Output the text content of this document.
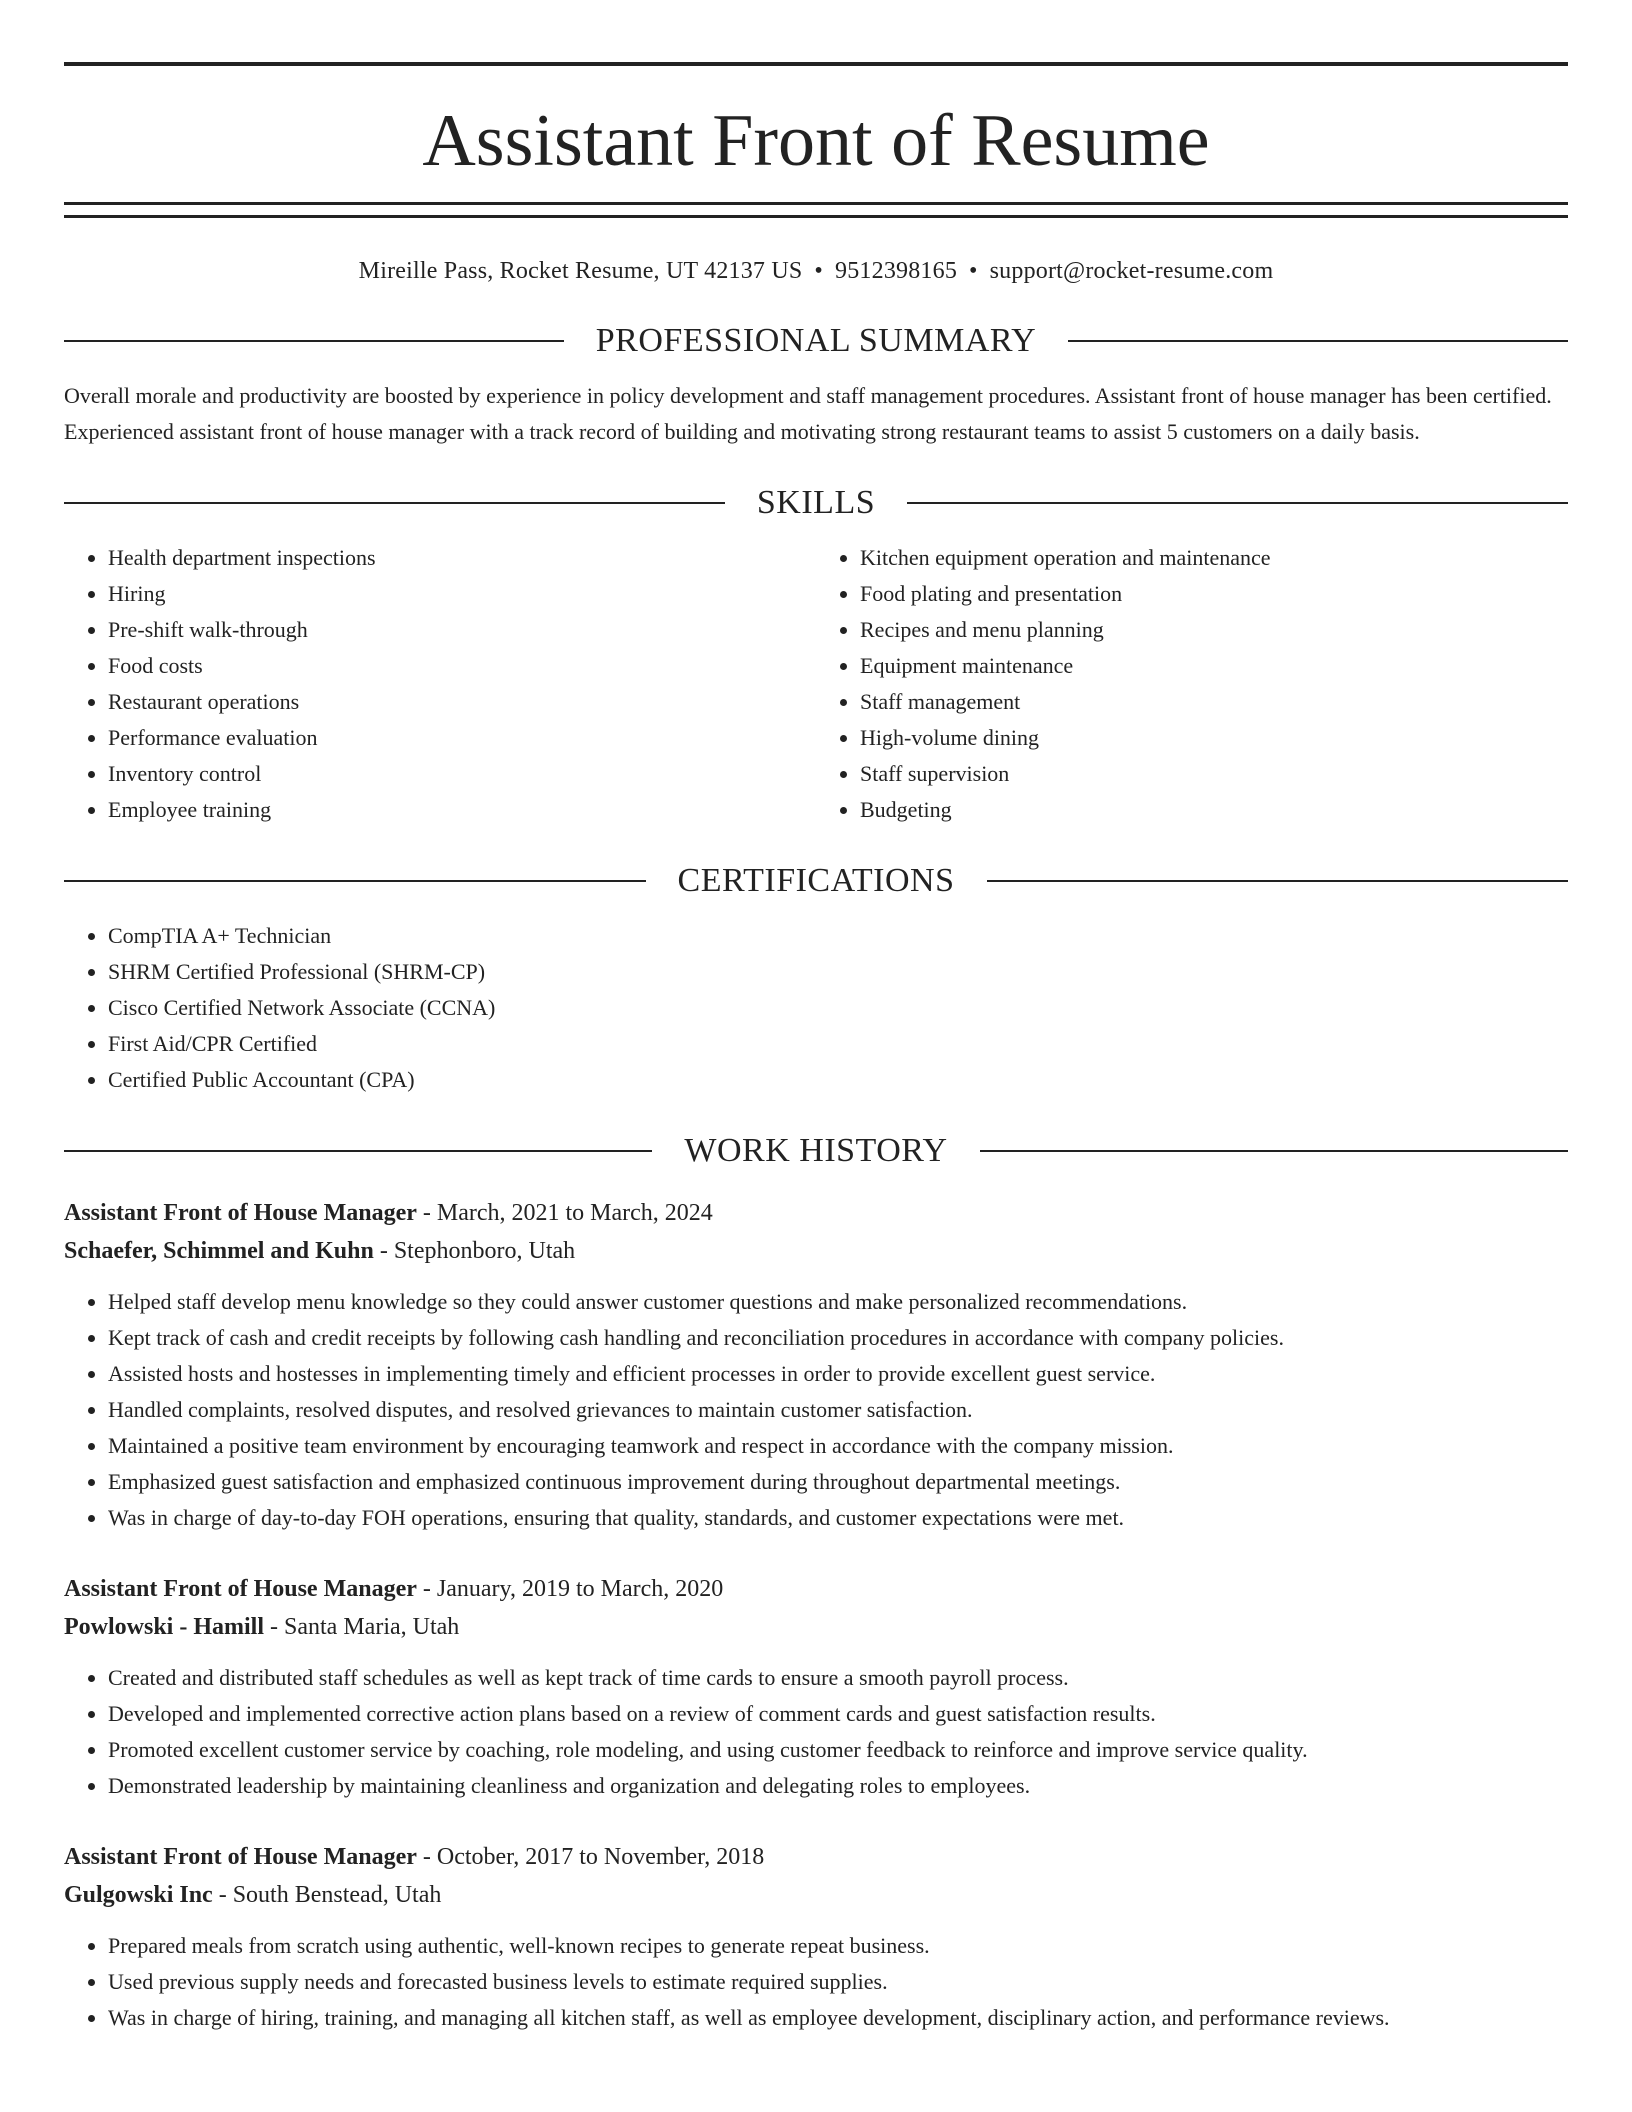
Assistant Front of Resume
Mireille Pass, Rocket Resume, UT 42137 US • 9512398165 • support@rocket-resume.com
PROFESSIONAL SUMMARY

Overall morale and productivity are boosted by experience in policy development and staff management procedures. Assistant front of house manager has been certified. Experienced assistant front of house manager with a track record of building and motivating strong restaurant teams to assist 5 customers on a daily basis.

SKILLS
• Health department inspections
• Hiring
• Pre-shift walk-through
• Food costs
• Restaurant operations
• Performance evaluation
• Inventory control
• Employee training
• Kitchen equipment operation and maintenance
• Food plating and presentation
• Recipes and menu planning
• Equipment maintenance
• Staff management
• High-volume dining
• Staff supervision
• Budgeting
CERTIFICATIONS
• CompTIA A+ Technician
• SHRM Certified Professional (SHRM-CP)
• Cisco Certified Network Associate (CCNA)
• First Aid/CPR Certified
• Certified Public Accountant (CPA)
WORK HISTORY
Assistant Front of House Manager - March, 2021 to March, 2024
Schaefer, Schimmel and Kuhn - Stephonboro, Utah
• Helped staff develop menu knowledge so they could answer customer questions and make personalized recommendations.
• Kept track of cash and credit receipts by following cash handling and reconciliation procedures in accordance with company policies.
• Assisted hosts and hostesses in implementing timely and efficient processes in order to provide excellent guest service.
• Handled complaints, resolved disputes, and resolved grievances to maintain customer satisfaction.
• Maintained a positive team environment by encouraging teamwork and respect in accordance with the company mission.
• Emphasized guest satisfaction and emphasized continuous improvement during throughout departmental meetings.
• Was in charge of day-to-day FOH operations, ensuring that quality, standards, and customer expectations were met.
Assistant Front of House Manager - January, 2019 to March, 2020
Powlowski - Hamill - Santa Maria, Utah
• Created and distributed staff schedules as well as kept track of time cards to ensure a smooth payroll process.
• Developed and implemented corrective action plans based on a review of comment cards and guest satisfaction results.
• Promoted excellent customer service by coaching, role modeling, and using customer feedback to reinforce and improve service quality.
• Demonstrated leadership by maintaining cleanliness and organization and delegating roles to employees.
Assistant Front of House Manager - October, 2017 to November, 2018
Gulgowski Inc - South Benstead, Utah
• Prepared meals from scratch using authentic, well-known recipes to generate repeat business.
• Used previous supply needs and forecasted business levels to estimate required supplies.
• Was in charge of hiring, training, and managing all kitchen staff, as well as employee development, disciplinary action, and performance reviews.
